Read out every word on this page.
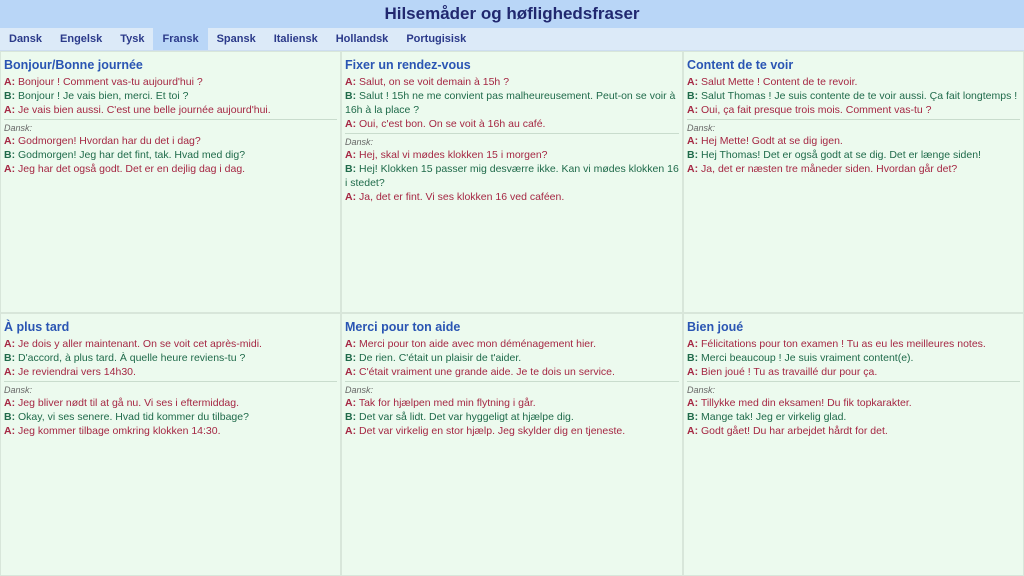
Hilsemåder og høflighedsfraser
Dansk	Engelsk	Tysk	Fransk	Spansk	Italiensk	Hollandsk	Portugisisk
Bonjour/Bonne journée
A: Bonjour ! Comment vas-tu aujourd'hui ?
B: Bonjour ! Je vais bien, merci. Et toi ?
A: Je vais bien aussi. C'est une belle journée aujourd'hui.
Dansk:
A: Godmorgen! Hvordan har du det i dag?
B: Godmorgen! Jeg har det fint, tak. Hvad med dig?
A: Jeg har det også godt. Det er en dejlig dag i dag.
Fixer un rendez-vous
A: Salut, on se voit demain à 15h ?
B: Salut ! 15h ne me convient pas malheureusement. Peut-on se voir à 16h à la place ?
A: Oui, c'est bon. On se voit à 16h au café.
Dansk:
A: Hej, skal vi mødes klokken 15 i morgen?
B: Hej! Klokken 15 passer mig desværre ikke. Kan vi mødes klokken 16 i stedet?
A: Ja, det er fint. Vi ses klokken 16 ved caféen.
Content de te voir
A: Salut Mette ! Content de te revoir.
B: Salut Thomas ! Je suis contente de te voir aussi. Ça fait longtemps !
A: Oui, ça fait presque trois mois. Comment vas-tu ?
Dansk:
A: Hej Mette! Godt at se dig igen.
B: Hej Thomas! Det er også godt at se dig. Det er længe siden!
A: Ja, det er næsten tre måneder siden. Hvordan går det?
À plus tard
A: Je dois y aller maintenant. On se voit cet après-midi.
B: D'accord, à plus tard. À quelle heure reviens-tu ?
A: Je reviendrai vers 14h30.
Dansk:
A: Jeg bliver nødt til at gå nu. Vi ses i eftermiddag.
B: Okay, vi ses senere. Hvad tid kommer du tilbage?
A: Jeg kommer tilbage omkring klokken 14:30.
Merci pour ton aide
A: Merci pour ton aide avec mon déménagement hier.
B: De rien. C'était un plaisir de t'aider.
A: C'était vraiment une grande aide. Je te dois un service.
Dansk:
A: Tak for hjælpen med min flytning i går.
B: Det var så lidt. Det var hyggeligt at hjælpe dig.
A: Det var virkelig en stor hjælp. Jeg skylder dig en tjeneste.
Bien joué
A: Félicitations pour ton examen ! Tu as eu les meilleures notes.
B: Merci beaucoup ! Je suis vraiment content(e).
A: Bien joué ! Tu as travaillé dur pour ça.
Dansk:
A: Tillykke med din eksamen! Du fik topkarakter.
B: Mange tak! Jeg er virkelig glad.
A: Godt gået! Du har arbejdet hårdt for det.
